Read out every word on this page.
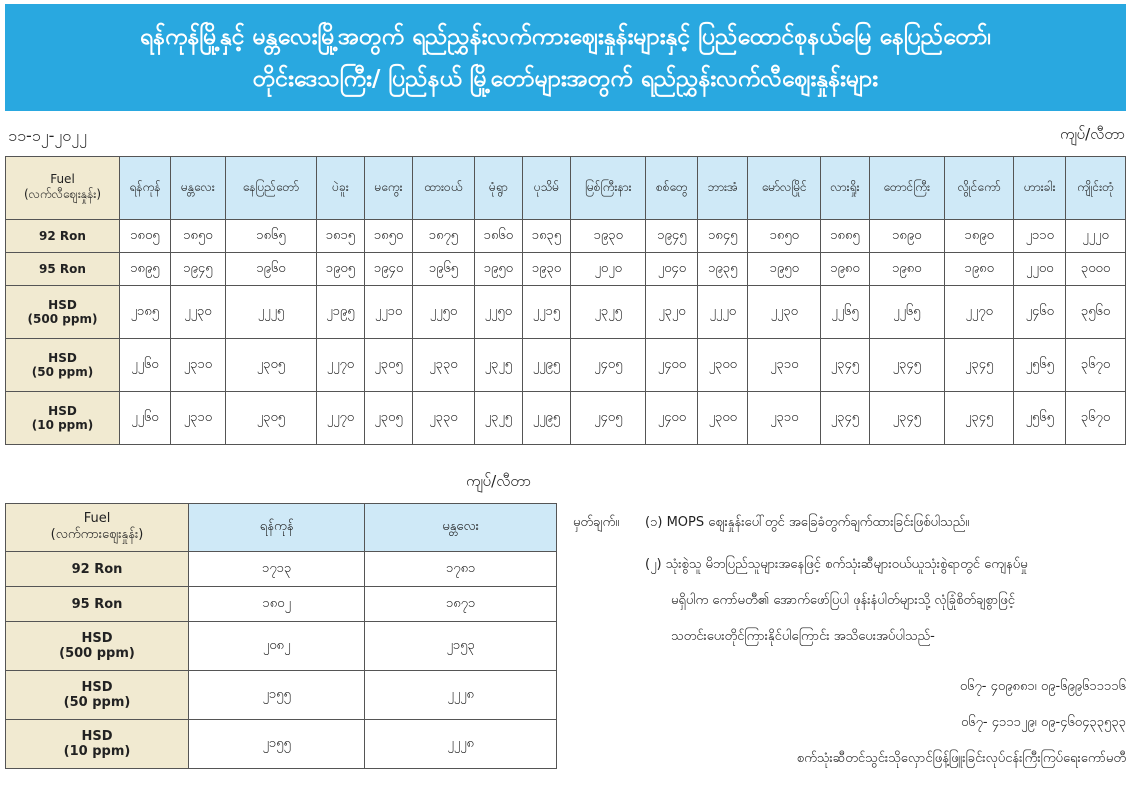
ရန်ကုန်မြို့နှင့် မန္တလေးမြို့အတွက် ရည်ညွှန်းလက်ကားဈေးနှုန်းများနှင့် ပြည်ထောင်စုနယ်မြေ နေပြည်တော်၊
တိုင်းဒေသကြီး/ ပြည်နယ် မြို့တော်များအတွက် ရည်ညွှန်းလက်လီဈေးနှုန်းများ
၁၁-၁၂-၂၀၂၂	ကျပ်/လီတာ
Fuel
(လက်လီဈေးနှုန်း)	ရန်ကုန်	မန္တလေး	နေပြည်တော်	ပဲခူး	မကွေး	ထားဝယ်	မုံရွာ	ပုသိမ်	မြစ်ကြီးနား	စစ်တွေ	ဘားအံ	မော်လမြိုင်	လားရှိုး	တောင်ကြီး	လွိုင်ကော်	ဟားခါး	ကျိုင်းတုံ

92 Ron	၁၈၀၅	၁၈၅၀	၁၈၆၅	၁၈၁၅	၁၈၅၀	၁၈၇၅	၁၈၆၀	၁၈၃၅	၁၉၃၀	၁၉၄၅	၁၈၄၅	၁၈၅၀	၁၈၈၅	၁၈၉၀	၁၈၉၀	၂၁၁၀	၂၂၂၀

95 Ron	၁၈၉၅	၁၉၄၅	၁၉၆၀	၁၉၀၅	၁၉၄၀	၁၉၆၅	၁၉၅၀	၁၉၃၀	၂၀၂၀	၂၀၄၀	၁၉၃၅	၁၉၅၀	၁၉၈၀	၁၉၈၀	၁၉၈၀	၂၂၀၀	၃၀၀၀

HSD
(500 ppm)	၂၁၈၅	၂၂၃၀	၂၂၂၅	၂၁၉၅	၂၂၁၀	၂၂၅၀	၂၂၅၀	၂၂၁၅	၂၃၂၅	၂၃၂၀	၂၂၂၀	၂၂၃၀	၂၂၆၅	၂၂၆၅	၂၂၇၀	၂၄၆၀	၃၅၆၀

HSD
(50 ppm)	၂၂၆၀	၂၃၁၀	၂၃၀၅	၂၂၇၀	၂၃၀၅	၂၃၃၀	၂၃၂၅	၂၂၉၅	၂၄၀၅	၂၄၀၀	၂၃၀၀	၂၃၁၀	၂၃၄၅	၂၃၄၅	၂၃၄၅	၂၅၆၅	၃၆၇၀

HSD
(10 ppm)	၂၂၆၀	၂၃၁၀	၂၃၀၅	၂၂၇၀	၂၃၀၅	၂၃၃၀	၂၃၂၅	၂၂၉၅	၂၄၀၅	၂၄၀၀	၂၃၀၀	၂၃၁၀	၂၃၄၅	၂၃၄၅	၂၃၄၅	၂၅၆၅	၃၆၇၀
ကျပ်/လီတာ
Fuel
(လက်ကားဈေးနှုန်း)	ရန်ကုန်	မန္တလေး

92 Ron	၁၇၁၃	၁၇၈၁

95 Ron	၁၈၀၂	၁၈၇၁

HSD
(500 ppm)	၂၀၈၂	၂၁၅၃

HSD
(50 ppm)	၂၁၅၅	၂၂၂၈

HSD
(10 ppm)	၂၁၅၅	၂၂၂၈
မှတ်ချက်။ (၁) MOPS ဈေးနှုန်းပေါ်တွင် အခြေခံတွက်ချက်ထားခြင်းဖြစ်ပါသည်။
(၂) သုံးစွဲသူ မိဘပြည်သူများအနေဖြင့် စက်သုံးဆီများဝယ်ယူသုံးစွဲရာတွင် ကျေနပ်မှု
မရှိပါက ကော်မတီ၏ အောက်ဖော်ပြပါ ဖုန်းနံပါတ်များသို့ လုံခြုံစိတ်ချစွာဖြင့်
သတင်းပေးတိုင်ကြားနိုင်ပါကြောင်း အသိပေးအပ်ပါသည်-
၀၆၇- ၄၀၉၈၈၁၊ ၀၉-၆၉၉၆၁၁၁၁၆
၀၆၇- ၄၁၁၁၂၉၊ ၀၉-၄၆၀၄၃၃၅၃၃
စက်သုံးဆီတင်သွင်းသိုလှောင်ဖြန့်ဖြူးခြင်းလုပ်ငန်းကြီးကြပ်ရေးကော်မတီ
